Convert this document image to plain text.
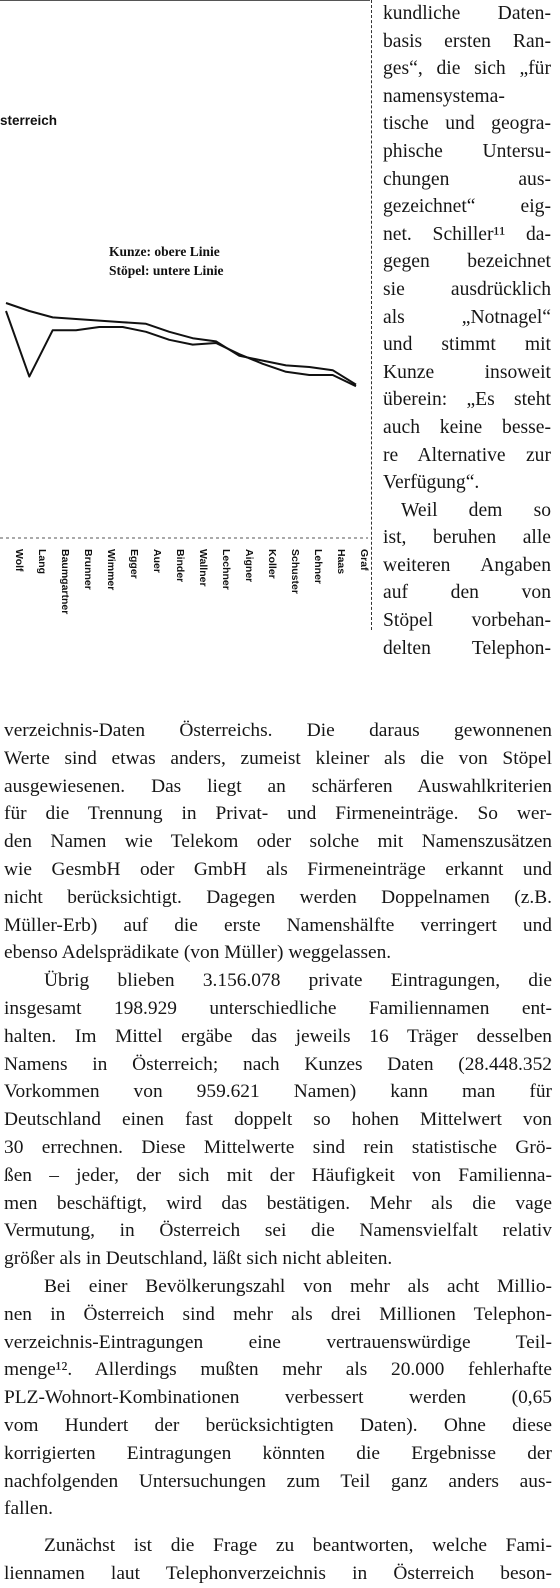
Wolf Lang Baumgartner Brunner Wimmer Egger Auer Binder Wallner Lechner Aigner Koller Schuster Lehner Haas Graf
sterreich
Kunze: obere Linie
Stöpel: untere Linie
kundliche Daten-
basis ersten Ran-
ges“, die sich „für
namensystema-
tische und geogra-
phische Untersu-
chungen aus-
gezeichnet“ eig-
net. Schiller¹¹ da-
gegen bezeichnet
sie ausdrücklich
als „Notnagel“
und stimmt mit
Kunze insoweit
überein: „Es steht
auch keine besse-
re Alternative zur
Verfügung“.
Weil dem so
ist, beruhen alle
weiteren Angaben
auf den von
Stöpel vorbehan-
delten Telephon-
verzeichnis-Daten Österreichs. Die daraus gewonnenen
Werte sind etwas anders, zumeist kleiner als die von Stöpel
ausgewiesenen. Das liegt an schärferen Auswahlkriterien
für die Trennung in Privat- und Firmeneinträge. So wer-
den Namen wie Telekom oder solche mit Namenszusätzen
wie GesmbH oder GmbH als Firmeneinträge erkannt und
nicht berücksichtigt. Dagegen werden Doppelnamen (z.B.
Müller-Erb) auf die erste Namenshälfte verringert und
ebenso Adelsprädikate (von Müller) weggelassen.
Übrig blieben 3.156.078 private Eintragungen, die
insgesamt 198.929 unterschiedliche Familiennamen ent-
halten. Im Mittel ergäbe das jeweils 16 Träger desselben
Namens in Österreich; nach Kunzes Daten (28.448.352
Vorkommen von 959.621 Namen) kann man für
Deutschland einen fast doppelt so hohen Mittelwert von
30 errechnen. Diese Mittelwerte sind rein statistische Grö-
ßen – jeder, der sich mit der Häufigkeit von Familienna-
men beschäftigt, wird das bestätigen. Mehr als die vage
Vermutung, in Österreich sei die Namensvielfalt relativ
größer als in Deutschland, läßt sich nicht ableiten.
Bei einer Bevölkerungszahl von mehr als acht Millio-
nen in Österreich sind mehr als drei Millionen Telephon-
verzeichnis-Eintragungen eine vertrauenswürdige Teil-
menge¹². Allerdings mußten mehr als 20.000 fehlerhafte
PLZ-Wohnort-Kombinationen verbessert werden (0,65
vom Hundert der berücksichtigten Daten). Ohne diese
korrigierten Eintragungen könnten die Ergebnisse der
nachfolgenden Untersuchungen zum Teil ganz anders aus-
fallen.
Zunächst ist die Frage zu beantworten, welche Fami-
liennamen laut Telephonverzeichnis in Österreich beson-
